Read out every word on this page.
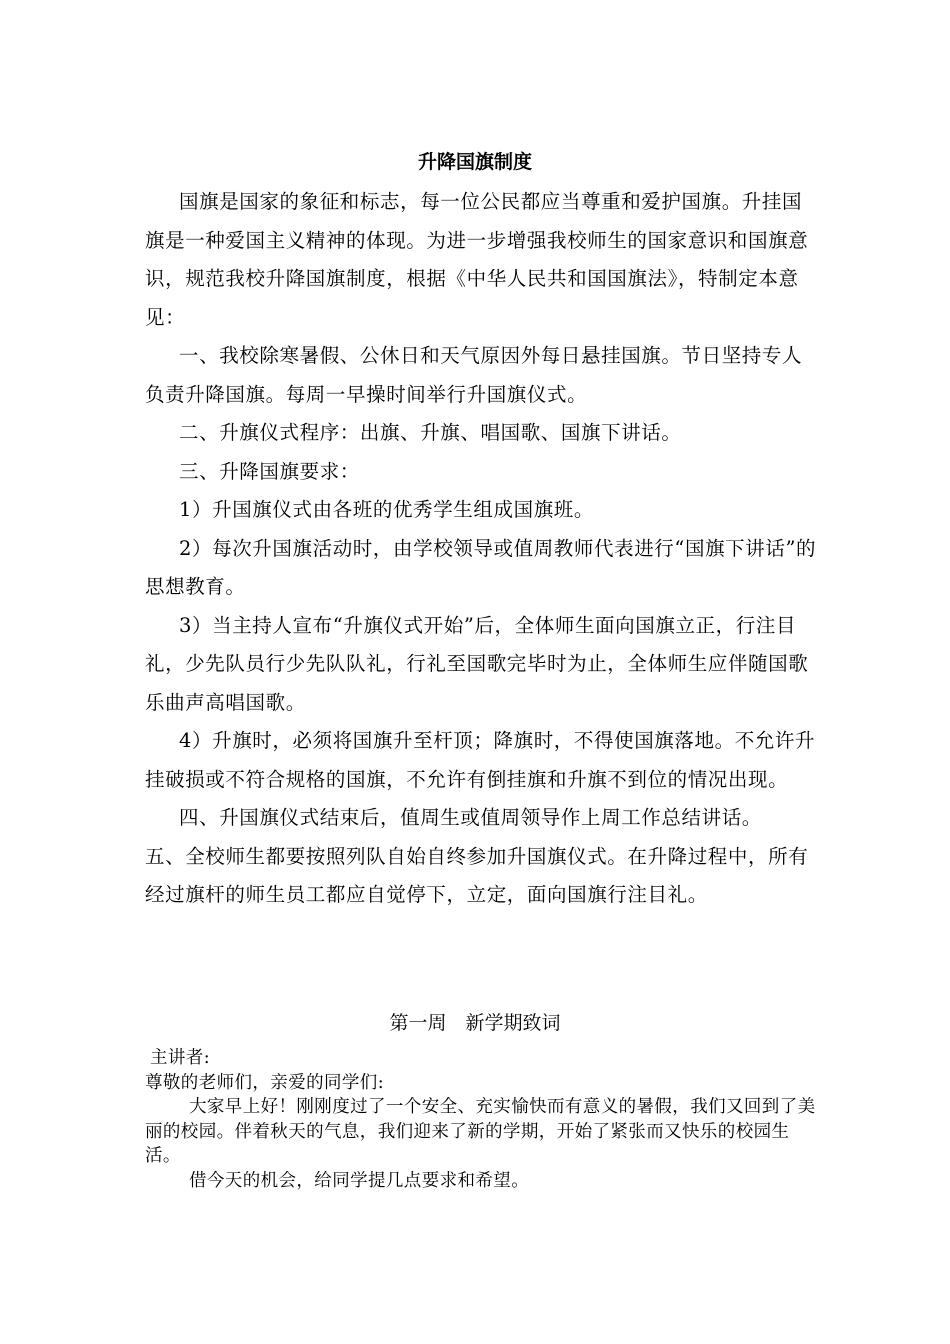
升降国旗制度

国旗是国家的象征和标志，每一位公民都应当尊重和爱护国旗。升挂国旗是一种爱国主义精神的体现。为进一步增强我校师生的国家意识和国旗意识，规范我校升降国旗制度，根据《中华人民共和国国旗法》，特制定本意见：

一、我校除寒暑假、公休日和天气原因外每日悬挂国旗。节日坚持专人负责升降国旗。每周一早操时间举行升国旗仪式。

二、升旗仪式程序：出旗、升旗、唱国歌、国旗下讲话。

三、升降国旗要求：

1）升国旗仪式由各班的优秀学生组成国旗班。

2）每次升国旗活动时，由学校领导或值周教师代表进行“国旗下讲话”的思想教育。

3）当主持人宣布“升旗仪式开始”后，全体师生面向国旗立正，行注目礼，少先队员行少先队队礼，行礼至国歌完毕时为止，全体师生应伴随国歌乐曲声高唱国歌。

4）升旗时，必须将国旗升至杆顶；降旗时，不得使国旗落地。不允许升挂破损或不符合规格的国旗，不允许有倒挂旗和升旗不到位的情况出现。

四、升国旗仪式结束后，值周生或值周领导作上周工作总结讲话。

五、全校师生都要按照列队自始自终参加升国旗仪式。在升降过程中，所有经过旗杆的师生员工都应自觉停下，立定，面向国旗行注目礼。

第一周　新学期致词

主讲者:

尊敬的老师们，亲爱的同学们:

大家早上好！刚刚度过了一个安全、充实愉快而有意义的暑假，我们又回到了美丽的校园。伴着秋天的气息，我们迎来了新的学期，开始了紧张而又快乐的校园生活。

借今天的机会，给同学提几点要求和希望。
